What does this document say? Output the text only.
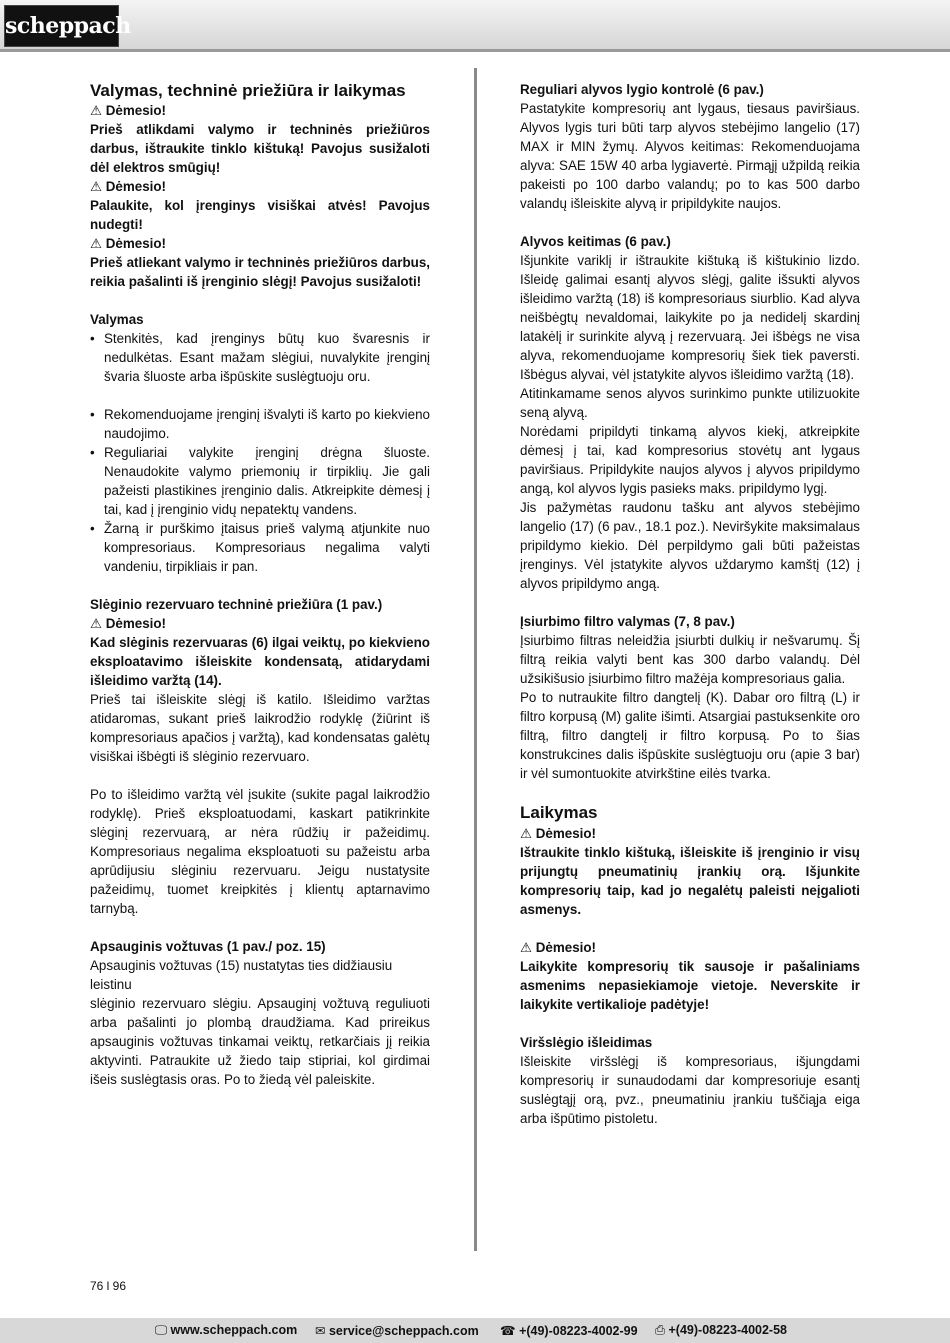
scheppach

Valymas, techninė priežiūra ir laikymas

⚠ Dėmesio!

Prieš atlikdami valymo ir techninės priežiūros darbus, ištraukite tinklo kištuką! Pavojus susižaloti dėl elektros smūgių!

⚠ Dėmesio!

Palaukite, kol įrenginys visiškai atvės! Pavojus nudegti!

⚠ Dėmesio!

Prieš atliekant valymo ir techninės priežiūros darbus, reikia pašalinti iš įrenginio slėgį! Pavojus susižaloti!

Valymas

• Stenkitės, kad įrenginys būtų kuo švaresnis ir nedulkėtas. Esant mažam slėgiui, nuvalykite įrenginį švaria šluoste arba išpūskite suslėgtuoju oru.
• Rekomenduojame įrenginį išvalyti iš karto po kiekvieno naudojimo.
• Reguliariai valykite įrenginį drėgna šluoste. Nenaudokite valymo priemonių ir tirpiklių. Jie gali pažeisti plastikines įrenginio dalis. Atkreipkite dėmesį į tai, kad į įrenginio vidų nepatektų vandens.
• Žarną ir purškimo įtaisus prieš valymą atjunkite nuo kompresoriaus. Kompresoriaus negalima valyti vandeniu, tirpikliais ir pan.

Slėginio rezervuaro techninė priežiūra (1 pav.)

⚠ Dėmesio!

Kad slėginis rezervuaras (6) ilgai veiktų, po kiekvieno eksploatavimo išleiskite kondensatą, atidarydami išleidimo varžtą (14).

Prieš tai išleiskite slėgį iš katilo. Išleidimo varžtas atidaromas, sukant prieš laikrodžio rodyklę (žiūrint iš kompresoriaus apačios į varžtą), kad kondensatas galėtų visiškai išbėgti iš slėginio rezervuaro.

Po to išleidimo varžtą vėl įsukite (sukite pagal laikrodžio rodyklę). Prieš eksploatuodami, kaskart patikrinkite slėginį rezervuarą, ar nėra rūdžių ir pažeidimų. Kompresoriaus negalima eksploatuoti su pažeistu arba aprūdijusiu slėginiu rezervuaru. Jeigu nustatysite pažeidimų, tuomet kreipkitės į klientų aptarnavimo tarnybą.

Apsauginis vožtuvas (1 pav./ poz. 15)

Apsauginis vožtuvas (15) nustatytas ties didžiausiu leistinu

slėginio rezervuaro slėgiu. Apsauginį vožtuvą reguliuoti arba pašalinti jo plombą draudžiama. Kad prireikus apsauginis vožtuvas tinkamai veiktų, retkarčiais jį reikia aktyvinti. Patraukite už žiedo taip stipriai, kol girdimai išeis suslėgtasis oras. Po to žiedą vėl paleiskite.

Reguliari alyvos lygio kontrolė (6 pav.)

Pastatykite kompresorių ant lygaus, tiesaus paviršiaus. Alyvos lygis turi būti tarp alyvos stebėjimo langelio (17) MAX ir MIN žymų. Alyvos keitimas: Rekomenduojama alyva: SAE 15W 40 arba lygiavertė. Pirmąjį užpildą reikia pakeisti po 100 darbo valandų; po to kas 500 darbo valandų išleiskite alyvą ir pripildykite naujos.

Alyvos keitimas (6 pav.)

Išjunkite variklį ir ištraukite kištuką iš kištukinio lizdo. Išleidę galimai esantį alyvos slėgį, galite išsukti alyvos išleidimo varžtą (18) iš kompresoriaus siurblio. Kad alyva neišbėgtų nevaldomai, laikykite po ja nedidelį skardinį latakėlį ir surinkite alyvą į rezervuarą. Jei išbėgs ne visa alyva, rekomenduojame kompresorių šiek tiek paversti. Išbėgus alyvai, vėl įstatykite alyvos išleidimo varžtą (18).

Atitinkamame senos alyvos surinkimo punkte utilizuokite seną alyvą.

Norėdami pripildyti tinkamą alyvos kiekį, atkreipkite dėmesį į tai, kad kompresorius stovėtų ant lygaus paviršiaus. Pripildykite naujos alyvos į alyvos pripildymo angą, kol alyvos lygis pasieks maks. pripildymo lygį.

Jis pažymėtas raudonu tašku ant alyvos stebėjimo langelio (17) (6 pav., 18.1 poz.). Neviršykite maksimalaus pripildymo kiekio. Dėl perpildymo gali būti pažeistas įrenginys. Vėl įstatykite alyvos uždarymo kamštį (12) į alyvos pripildymo angą.

Įsiurbimo filtro valymas (7, 8 pav.)

Įsiurbimo filtras neleidžia įsiurbti dulkių ir nešvarumų. Šį filtrą reikia valyti bent kas 300 darbo valandų. Dėl užsikišusio įsiurbimo filtro mažėja kompresoriaus galia.

Po to nutraukite filtro dangtelį (K). Dabar oro filtrą (L) ir filtro korpusą (M) galite išimti. Atsargiai pastuksenkite oro filtrą, filtro dangtelį ir filtro korpusą. Po to šias konstrukcines dalis išpūskite suslėgtuoju oru (apie 3 bar) ir vėl sumontuokite atvirkštine eilės tvarka.

Laikymas

⚠ Dėmesio!

Ištraukite tinklo kištuką, išleiskite iš įrenginio ir visų prijungtų pneumatinių įrankių orą. Išjunkite kompresorių taip, kad jo negalėtų paleisti neįgalioti asmenys.

⚠ Dėmesio!

Laikykite kompresorių tik sausoje ir pašaliniams asmenims nepasiekiamoje vietoje. Neverskite ir laikykite vertikalioje padėtyje!

Viršslėgio išleidimas

Išleiskite viršslėgį iš kompresoriaus, išjungdami kompresorių ir sunaudodami dar kompresoriuje esantį suslėgtąjį orą, pvz., pneumatiniu įrankiu tuščiąja eiga arba išpūtimo pistoletu.

76 l 96
🖵 www.scheppach.com ✉ service@scheppach.com ☎ +(49)-08223-4002-99 ⎙ +(49)-08223-4002-58
